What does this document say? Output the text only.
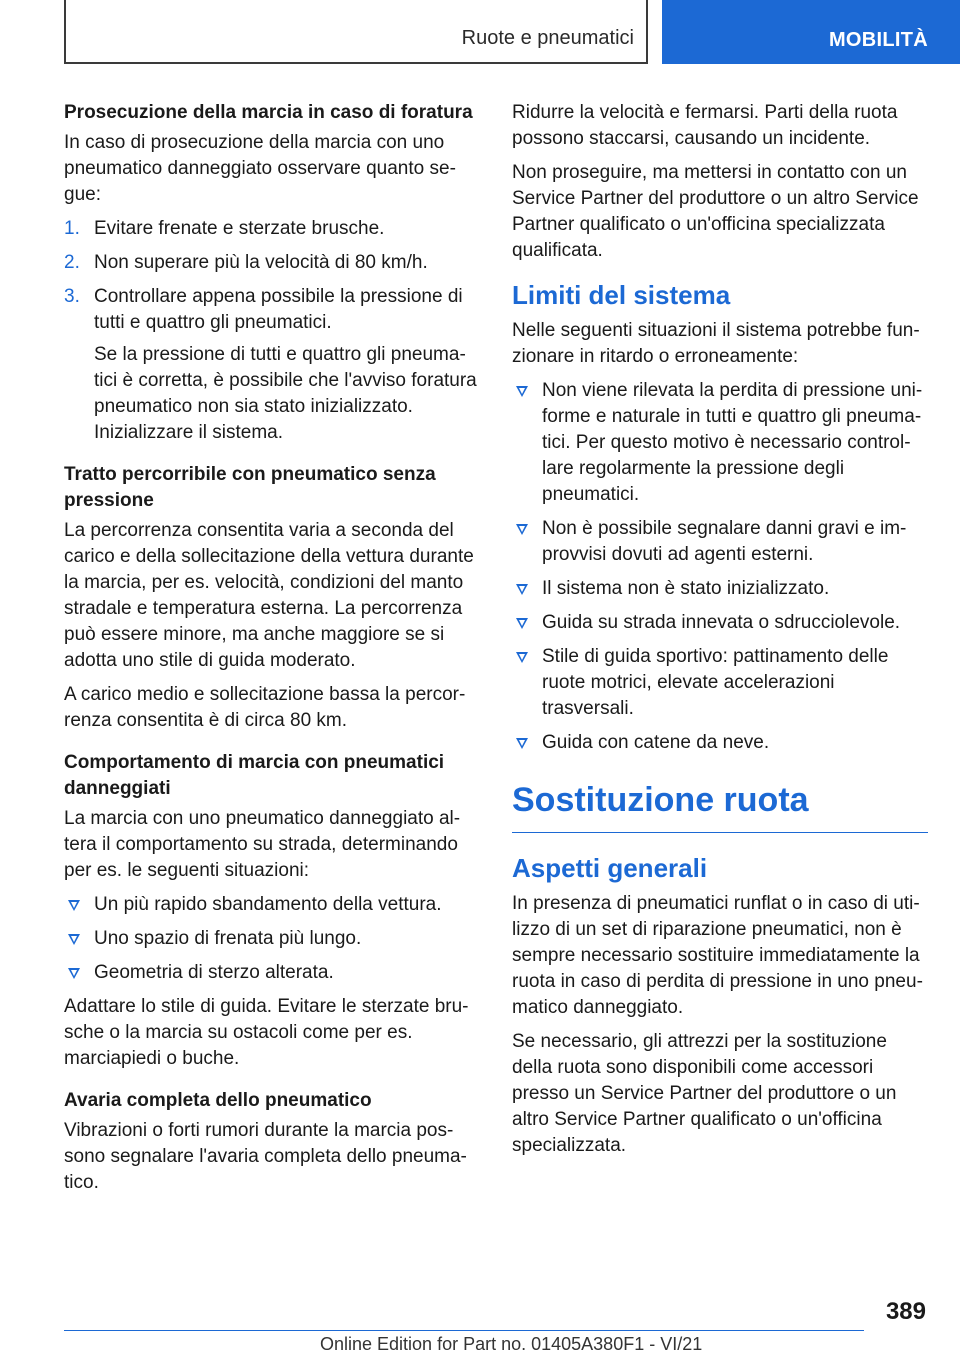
Ruote e pneumatici	MOBILITÀ
Prosecuzione della marcia in caso di foratura

In caso di prosecuzione della marcia con uno pneumatico danneggiato osservare quanto segue:

1. Evitare frenate e sterzate brusche.
2. Non superare più la velocità di 80 km/h.
3. Controllare appena possibile la pressione di tutti e quattro gli pneumatici.
Se la pressione di tutti e quattro gli pneumatici è corretta, è possibile che l'avviso foratura pneumatico non sia stato inizializzato. Inizializzare il sistema.
Tratto percorribile con pneumatico senza pressione

La percorrenza consentita varia a seconda del carico e della sollecitazione della vettura durante la marcia, per es. velocità, condizioni del manto stradale e temperatura esterna. La percorrenza può essere minore, ma anche maggiore se si adotta uno stile di guida moderato.

A carico medio e sollecitazione bassa la percorrenza consentita è di circa 80 km.

Comportamento di marcia con pneumatici danneggiati

La marcia con uno pneumatico danneggiato altera il comportamento su strada, determinando per es. le seguenti situazioni:

Un più rapido sbandamento della vettura.
Uno spazio di frenata più lungo.
Geometria di sterzo alterata.

Adattare lo stile di guida. Evitare le sterzate brusche o la marcia su ostacoli come per es. marciapiedi o buche.

Avaria completa dello pneumatico

Vibrazioni o forti rumori durante la marcia possono segnalare l'avaria completa dello pneumatico.

Ridurre la velocità e fermarsi. Parti della ruota possono staccarsi, causando un incidente.

Non proseguire, ma mettersi in contatto con un Service Partner del produttore o un altro Service Partner qualificato o un'officina specializzata qualificata.

Limiti del sistema

Nelle seguenti situazioni il sistema potrebbe funzionare in ritardo o erroneamente:

Non viene rilevata la perdita di pressione uniforme e naturale in tutti e quattro gli pneumatici. Per questo motivo è necessario controllare regolarmente la pressione degli pneumatici.
Non è possibile segnalare danni gravi e improvvisi dovuti ad agenti esterni.
Il sistema non è stato inizializzato.
Guida su strada innevata o sdrucciolevole.
Stile di guida sportivo: pattinamento delle ruote motrici, elevate accelerazioni trasversali.
Guida con catene da neve.
Sostituzione ruota
Aspetti generali

In presenza di pneumatici runflat o in caso di utilizzo di un set di riparazione pneumatici, non è sempre necessario sostituire immediatamente la ruota in caso di perdita di pressione in uno pneumatico danneggiato.

Se necessario, gli attrezzi per la sostituzione della ruota sono disponibili come accessori presso un Service Partner del produttore o un altro Service Partner qualificato o un'officina specializzata.

389
Online Edition for Part no. 01405A380F1 - VI/21
